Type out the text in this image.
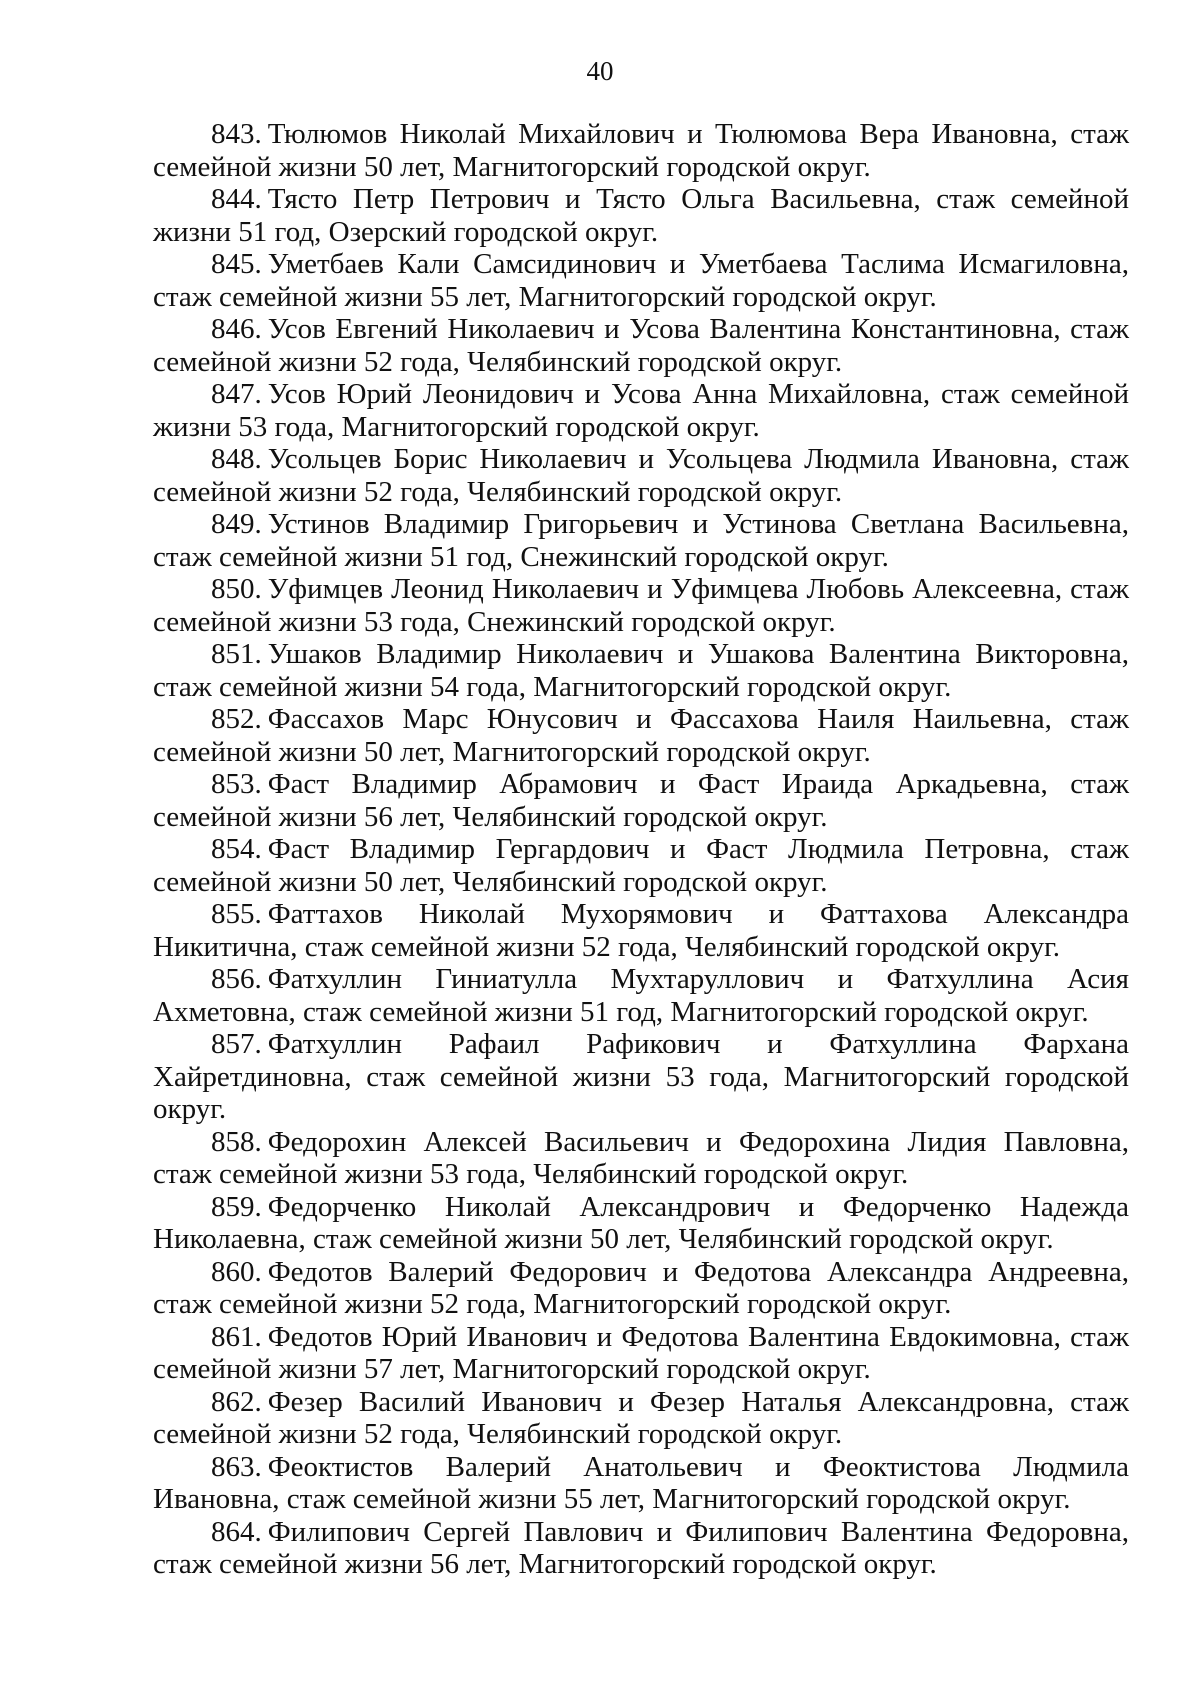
40
843. Тюлюмов Николай Михайлович и Тюлюмова Вера Ивановна, стаж семейной жизни 50 лет, Магнитогорский городской округ.
844. Тясто Петр Петрович и Тясто Ольга Васильевна, стаж семейной жизни 51 год, Озерский городской округ.
845. Уметбаев Кали Самсидинович и Уметбаева Таслима Исмагиловна, стаж семейной жизни 55 лет, Магнитогорский городской округ.
846. Усов Евгений Николаевич и Усова Валентина Константиновна, стаж семейной жизни 52 года, Челябинский городской округ.
847. Усов Юрий Леонидович и Усова Анна Михайловна, стаж семейной жизни 53 года, Магнитогорский городской округ.
848. Усольцев Борис Николаевич и Усольцева Людмила Ивановна, стаж семейной жизни 52 года, Челябинский городской округ.
849. Устинов Владимир Григорьевич и Устинова Светлана Васильевна, стаж семейной жизни 51 год, Снежинский городской округ.
850. Уфимцев Леонид Николаевич и Уфимцева Любовь Алексеевна, стаж семейной жизни 53 года, Снежинский городской округ.
851. Ушаков Владимир Николаевич и Ушакова Валентина Викторовна, стаж семейной жизни 54 года, Магнитогорский городской округ.
852. Фассахов Марс Юнусович и Фассахова Наиля Наильевна, стаж семейной жизни 50 лет, Магнитогорский городской округ.
853. Фаст Владимир Абрамович и Фаст Ираида Аркадьевна, стаж семейной жизни 56 лет, Челябинский городской округ.
854. Фаст Владимир Гергардович и Фаст Людмила Петровна, стаж семейной жизни 50 лет, Челябинский городской округ.
855. Фаттахов Николай Мухорямович и Фаттахова Александра Никитична, стаж семейной жизни 52 года, Челябинский городской округ.
856. Фатхуллин Гиниатулла Мухтаруллович и Фатхуллина Асия Ахметовна, стаж семейной жизни 51 год, Магнитогорский городской округ.
857. Фатхуллин Рафаил Рафикович и Фатхуллина Фархана Хайретдиновна, стаж семейной жизни 53 года, Магнитогорский городской округ.
858. Федорохин Алексей Васильевич и Федорохина Лидия Павловна, стаж семейной жизни 53 года, Челябинский городской округ.
859. Федорченко Николай Александрович и Федорченко Надежда Николаевна, стаж семейной жизни 50 лет, Челябинский городской округ.
860. Федотов Валерий Федорович и Федотова Александра Андреевна, стаж семейной жизни 52 года, Магнитогорский городской округ.
861. Федотов Юрий Иванович и Федотова Валентина Евдокимовна, стаж семейной жизни 57 лет, Магнитогорский городской округ.
862. Фезер Василий Иванович и Фезер Наталья Александровна, стаж семейной жизни 52 года, Челябинский городской округ.
863. Феоктистов Валерий Анатольевич и Феоктистова Людмила Ивановна, стаж семейной жизни 55 лет, Магнитогорский городской округ.
864. Филипович Сергей Павлович и Филипович Валентина Федоровна, стаж семейной жизни 56 лет, Магнитогорский городской округ.
